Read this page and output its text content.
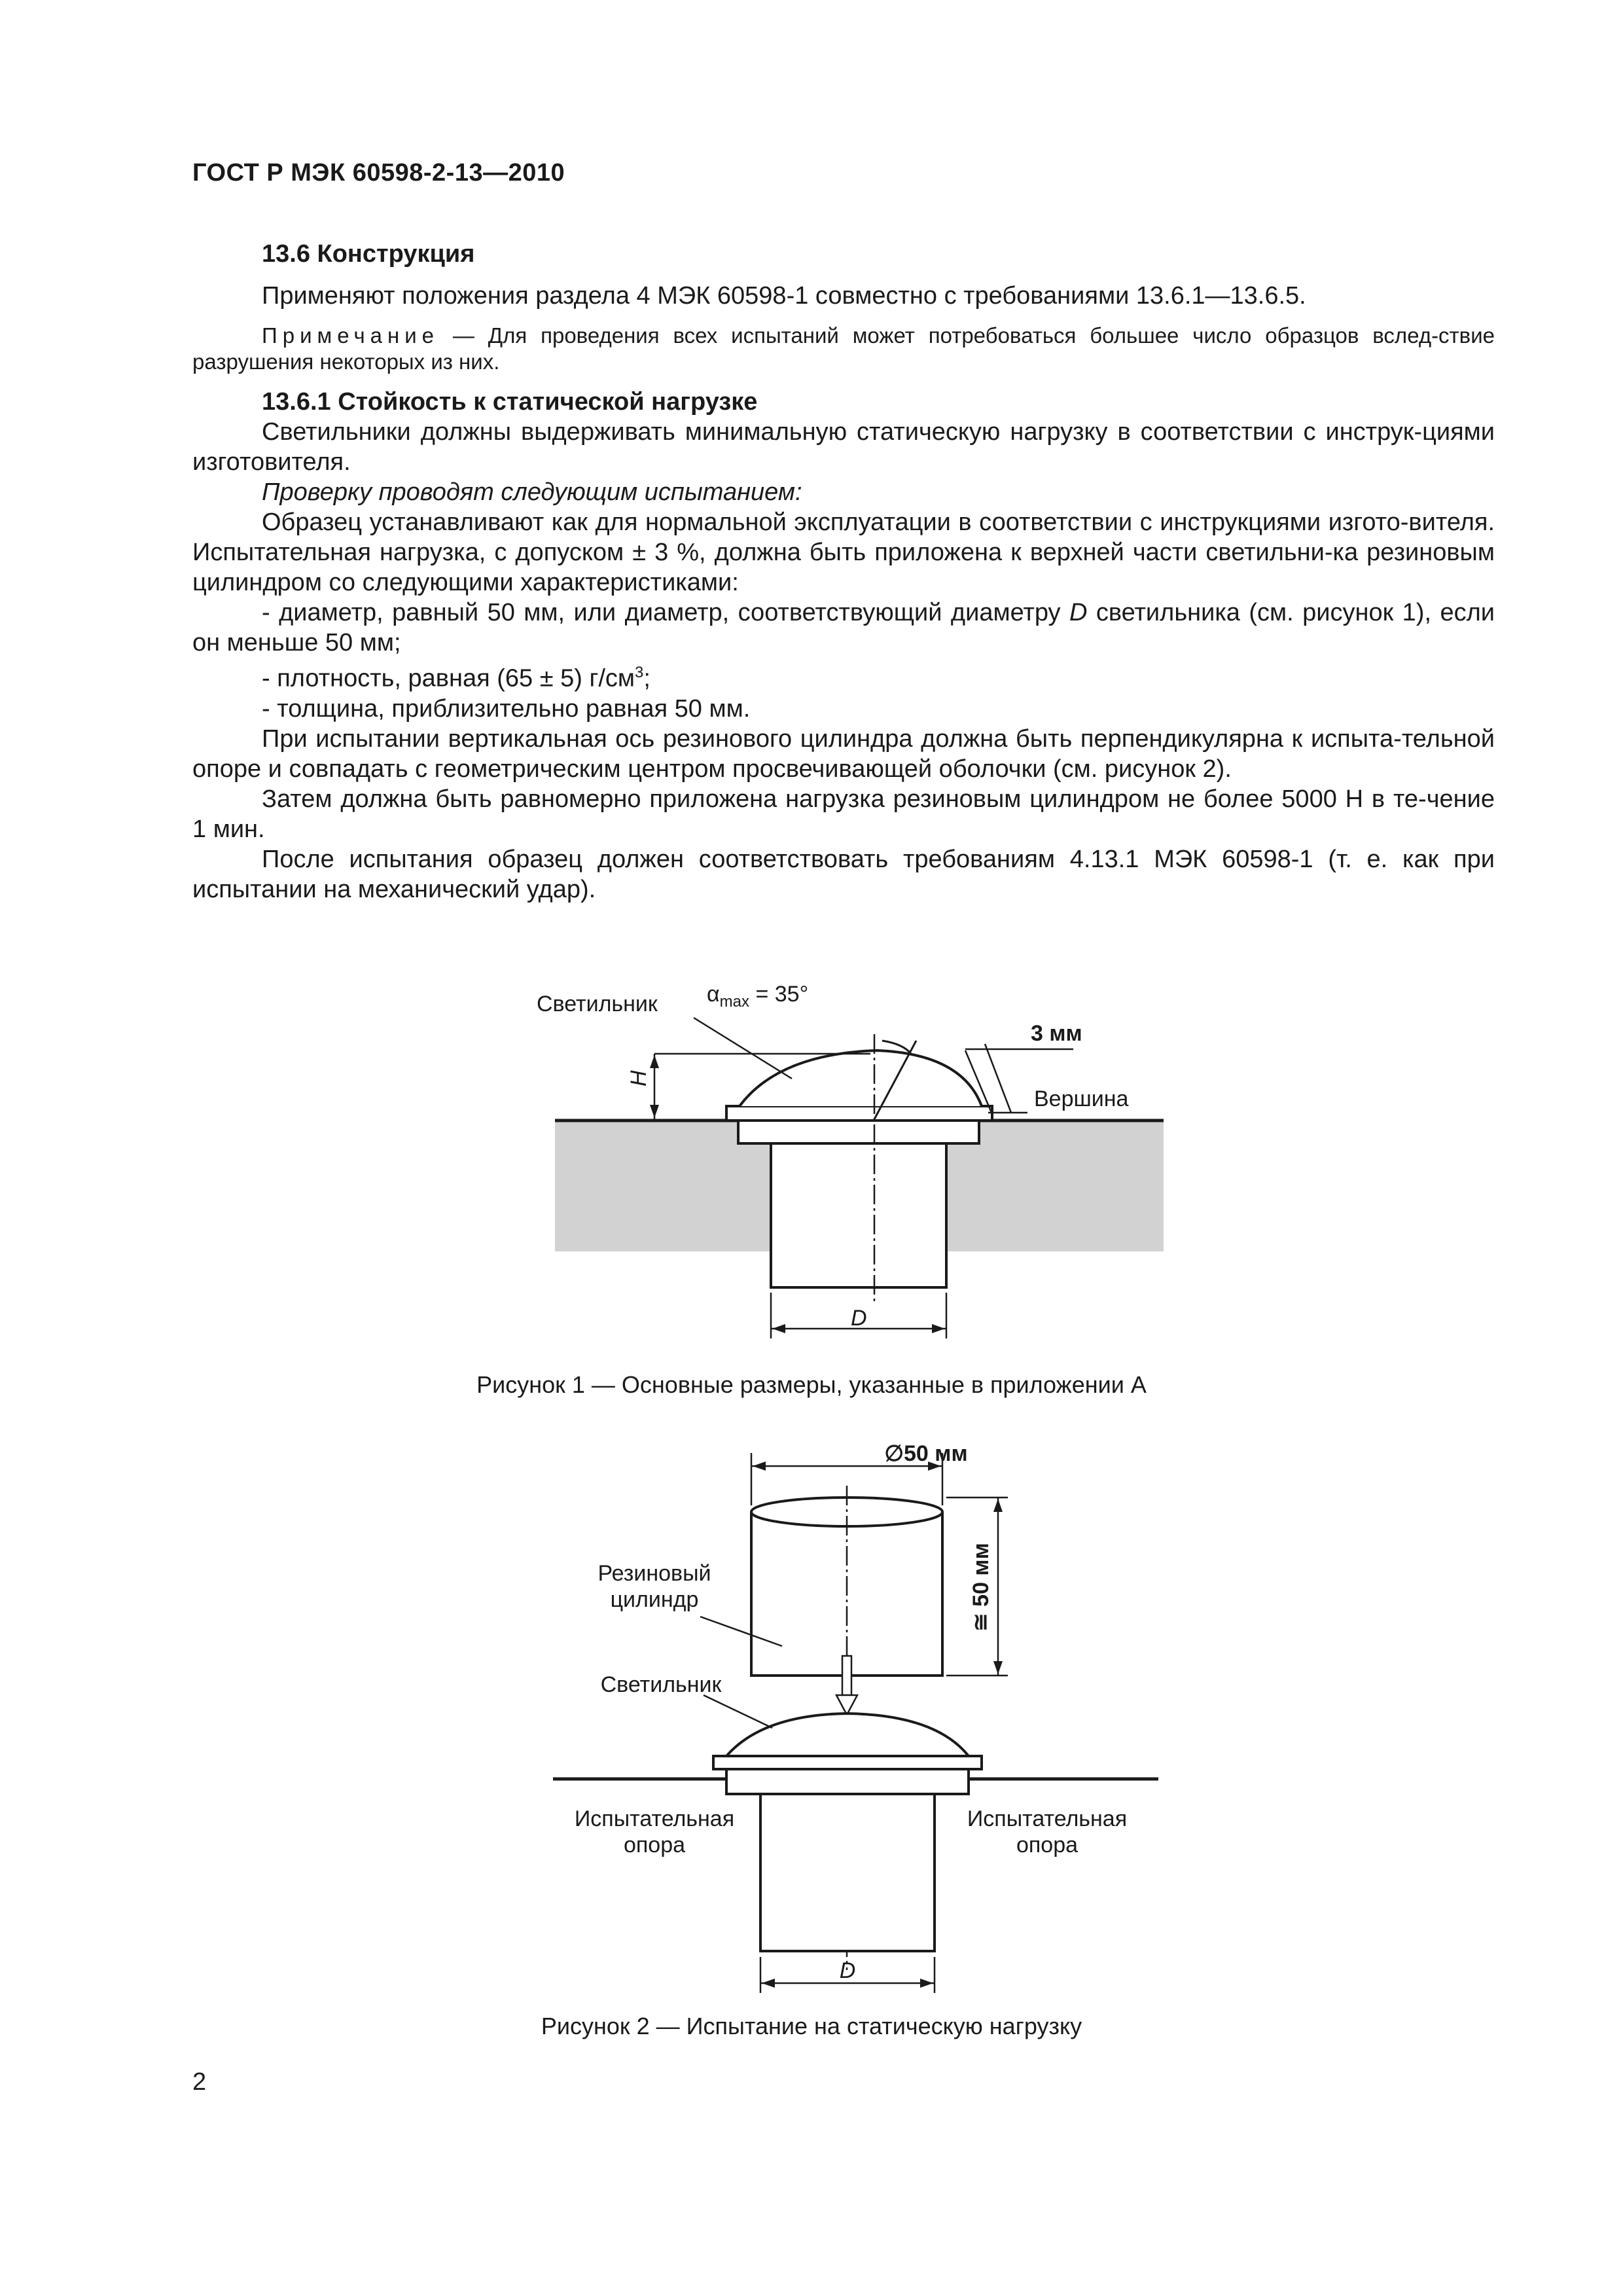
ГОСТ Р МЭК 60598-2-13—2010

13.6 Конструкция

Применяют положения раздела 4 МЭК 60598-1 совместно с требованиями 13.6.1—13.6.5.

Примечание — Для проведения всех испытаний может потребоваться большее число образцов вслед-ствие разрушения некоторых из них.

13.6.1 Стойкость к статической нагрузке

Светильники должны выдерживать минимальную статическую нагрузку в соответствии с инструк-циями изготовителя.

Проверку проводят следующим испытанием:

Образец устанавливают как для нормальной эксплуатации в соответствии с инструкциями изгото-вителя. Испытательная нагрузка, с допуском ± 3 %, должна быть приложена к верхней части светильни-ка резиновым цилиндром со следующими характеристиками:

- диаметр, равный 50 мм, или диаметр, соответствующий диаметру D светильника (см. рисунок 1), если он меньше 50 мм;

- плотность, равная (65 ± 5) $г/см^3$;

- толщина, приблизительно равная 50 мм.

При испытании вертикальная ось резинового цилиндра должна быть перпендикулярна к испыта-тельной опоре и совпадать с геометрическим центром просвечивающей оболочки (см. рисунок 2).

Затем должна быть равномерно приложена нагрузка резиновым цилиндром не более 5000 Н в те-чение 1 мин.

После испытания образец должен соответствовать требованиям 4.13.1 МЭК 60598-1 (т. е. как при испытании на механический удар).

Светильник $\alpha_{max} = 35^\circ$
3 мм
Вершина
H
D
Рисунок 1 — Основные размеры, указанные в приложении А
∅50 мм
≅ 50 мм
Резиновый
цилиндр
Светильник
Испытательная
опора
Испытательная
опора
D
Рисунок 2 — Испытание на статическую нагрузку
2
